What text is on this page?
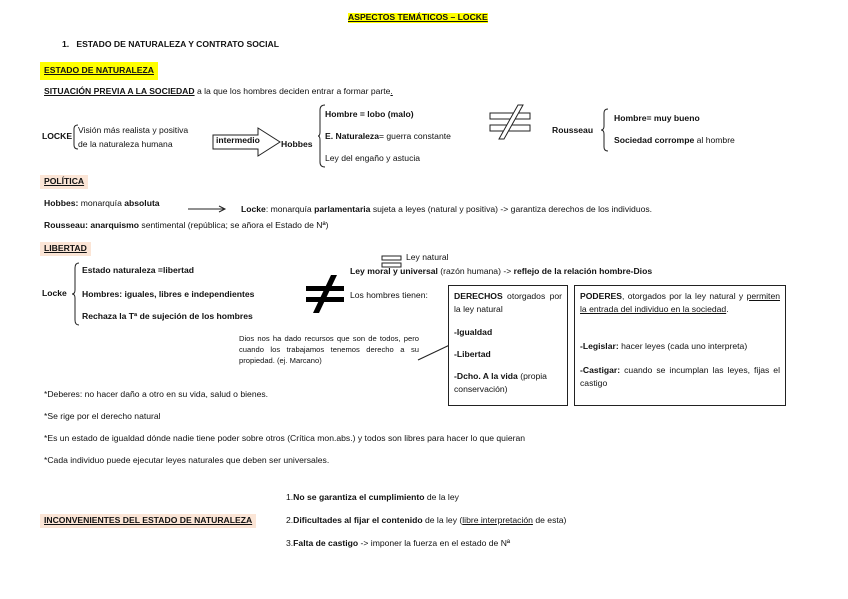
ASPECTOS TEMÁTICOS – LOCKE
1. ESTADO DE NATURALEZA Y CONTRATO SOCIAL
ESTADO DE NATURALEZA
SITUACIÓN PREVIA A LA SOCIEDAD a la que los hombres deciden entrar a formar parte.
LOCKE
Visión más realista y positiva
de la naturaleza humana	intermedio Hobbes
Hombre = lobo (malo)
E. Naturaleza= guerra constante
Ley del engaño y astucia
Rousseau
Hombre= muy bueno
Sociedad corrompe al hombre
POLÍTICA
Hobbes: monarquía absoluta
Locke: monarquía parlamentaria sujeta a leyes (natural y positiva) -> garantiza derechos de los individuos.
Rousseau: anarquismo sentimental (república; se añora el Estado de Nª)
LIBERTAD
Locke
Estado naturaleza =libertad
Hombres: iguales, libres e independientes
Rechaza la Tª de sujeción de los hombres
Ley natural
Ley moral y universal (razón humana) -> reflejo de la relación hombre-Dios
Los hombres tienen:
Dios nos ha dado recursos que son de todos, pero cuando los trabajamos tenemos derecho a su propiedad. (ej. Marcano)
DERECHOS otorgados por la ley natural
-Igualdad
-Libertad
-Dcho. A la vida (propia conservación)
PODERES, otorgados por la ley natural y permiten la entrada del individuo en la sociedad.
-Legislar: hacer leyes (cada uno interpreta)
-Castigar: cuando se incumplan las leyes, fijas el castigo
*Deberes: no hacer daño a otro en su vida, salud o bienes.
*Se rige por el derecho natural
*Es un estado de igualdad dónde nadie tiene poder sobre otros (Crítica mon.abs.) y todos son libres para hacer lo que quieran
*Cada individuo puede ejecutar leyes naturales que deben ser universales.
INCONVENIENTES DEL ESTADO DE NATURALEZA
1.No se garantiza el cumplimiento de la ley
2.Dificultades al fijar el contenido de la ley (libre interpretación de esta)
3.Falta de castigo -> imponer la fuerza en el estado de Nª
